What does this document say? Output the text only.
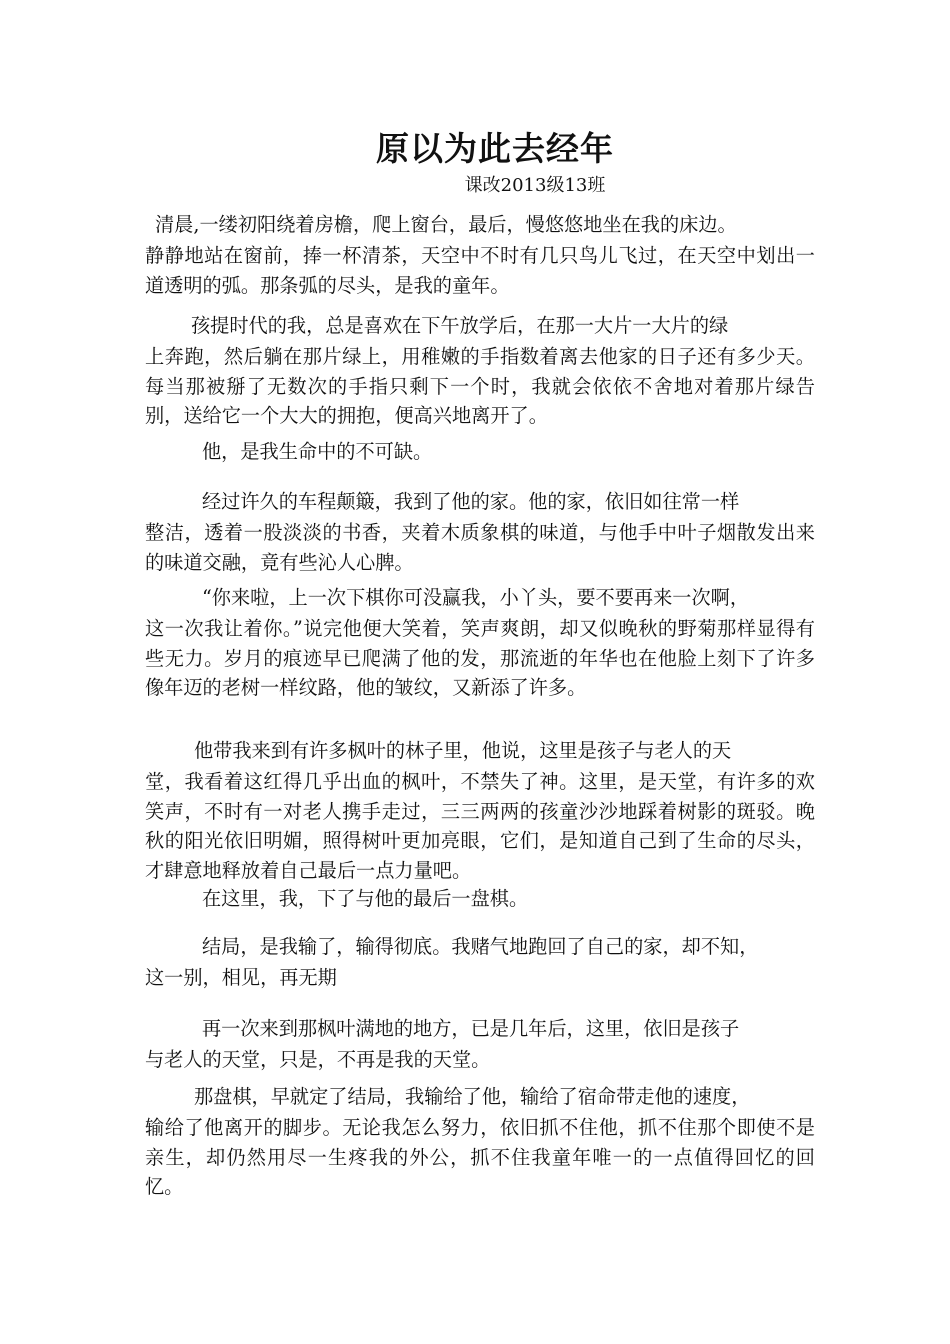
原以为此去经年
课改2013级13班

清晨,一缕初阳绕着房檐，爬上窗台，最后，慢悠悠地坐在我的床边。
静静地站在窗前，捧一杯清茶，天空中不时有几只鸟儿飞过，在天空中划出一道透明的弧。那条弧的尽头，是我的童年。

孩提时代的我，总是喜欢在下午放学后，在那一大片一大片的绿
上奔跑，然后躺在那片绿上，用稚嫩的手指数着离去他家的日子还有多少天。每当那被掰了无数次的手指只剩下一个时，我就会依依不舍地对着那片绿告别，送给它一个大大的拥抱，便高兴地离开了。

他，是我生命中的不可缺。

经过许久的车程颠簸，我到了他的家。他的家，依旧如往常一样
整洁，透着一股淡淡的书香，夹着木质象棋的味道，与他手中叶子烟散发出来的味道交融，竟有些沁人心脾。

“你来啦，上一次下棋你可没赢我，小丫头，要不要再来一次啊，
这一次我让着你。”说完他便大笑着，笑声爽朗，却又似晚秋的野菊那样显得有些无力。岁月的痕迹早已爬满了他的发，那流逝的年华也在他脸上刻下了许多像年迈的老树一样纹路，他的皱纹，又新添了许多。

他带我来到有许多枫叶的林子里，他说，这里是孩子与老人的天
堂，我看着这红得几乎出血的枫叶，不禁失了神。这里，是天堂，有许多的欢笑声，不时有一对老人携手走过，三三两两的孩童沙沙地踩着树影的斑驳。晚秋的阳光依旧明媚，照得树叶更加亮眼，它们，是知道自己到了生命的尽头，才肆意地释放着自己最后一点力量吧。

在这里，我，下了与他的最后一盘棋。

结局，是我输了，输得彻底。我赌气地跑回了自己的家，却不知，
这一别，相见，再无期

再一次来到那枫叶满地的地方，已是几年后，这里，依旧是孩子
与老人的天堂，只是，不再是我的天堂。

那盘棋，早就定了结局，我输给了他，输给了宿命带走他的速度，
输给了他离开的脚步。无论我怎么努力，依旧抓不住他，抓不住那个即使不是亲生，却仍然用尽一生疼我的外公，抓不住我童年唯一的一点值得回忆的回忆。
